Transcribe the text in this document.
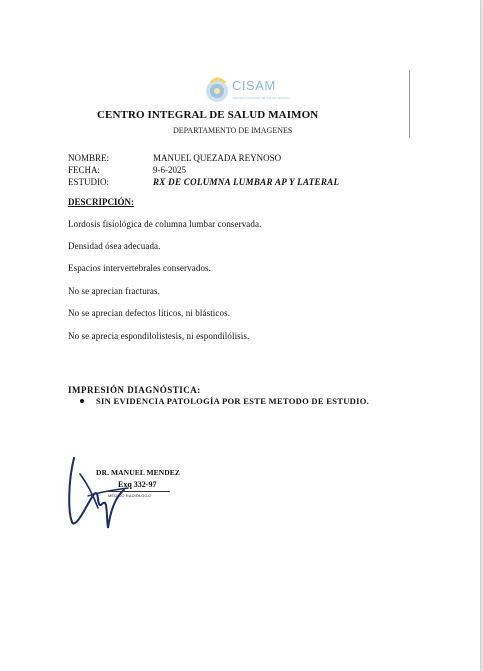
CISAM
CENTRO INTEGRAL DE SALUD MAIMON
CENTRO INTEGRAL DE SALUD MAIMON
DEPARTAMENTO DE IMAGENES
NOMBRE:	MANUEL QUEZADA REYNOSO
FECHA:	9-6-2025
ESTUDIO:	RX DE COLUMNA LUMBAR AP Y LATERAL
DESCRIPCIÓN:
Lordosis fisiológica de columna lumbar conservada.
Densidad ósea adecuada.
Espacios intervertebrales conservados.
No se aprecian fracturas.
No se aprecian defectos líticos, ni blásticos.
No se aprecia espondilolistesis, ni espondilólisis.
IMPRESIÓN DIAGNÓSTICA:
SIN EVIDENCIA PATOLOGÍA POR ESTE METODO DE ESTUDIO.
DR. MANUEL MENDEZ
Exq 332-97
MÉDICO RADIÓLOGO
